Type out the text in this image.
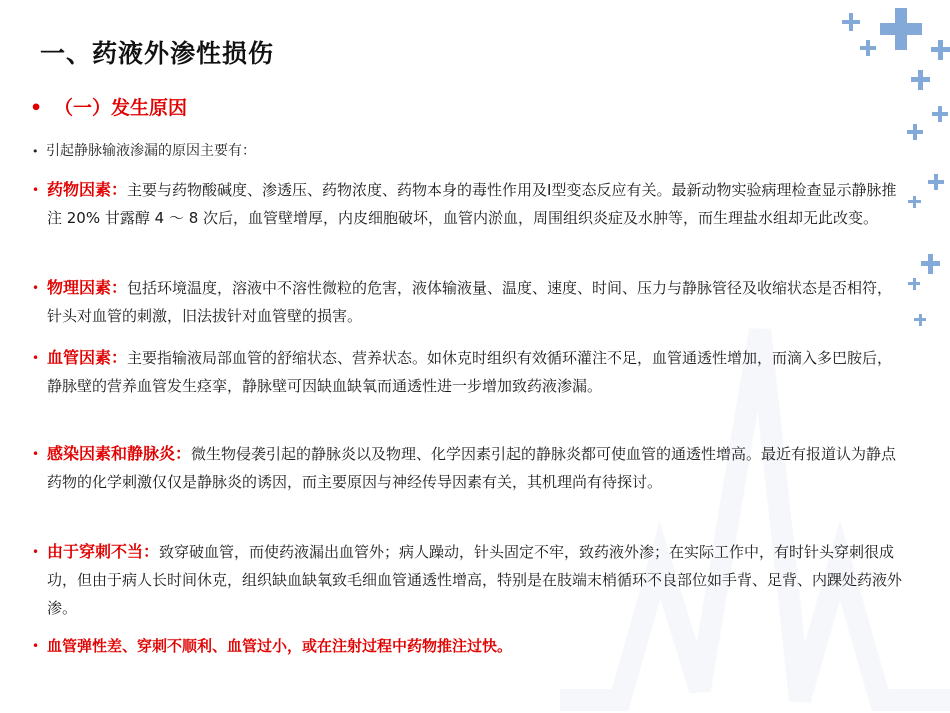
一、药液外渗性损伤
• （一）发生原因
• 引起静脉输液渗漏的原因主要有：
• 药物因素：主要与药物酸碱度、渗透压、药物浓度、药物本身的毒性作用及Ⅰ型变态反应有关。最新动物实验病理检查显示静脉推注 20% 甘露醇 4 ～ 8 次后，血管壁增厚，内皮细胞破坏，血管内淤血，周围组织炎症及水肿等，而生理盐水组却无此改变。
• 物理因素：包括环境温度，溶液中不溶性微粒的危害，液体输液量、温度、速度、时间、压力与静脉管径及收缩状态是否相符，针头对血管的刺激，旧法拔针对血管壁的损害。
• 血管因素：主要指输液局部血管的舒缩状态、营养状态。如休克时组织有效循环灌注不足，血管通透性增加，而滴入多巴胺后，静脉壁的营养血管发生痉挛，静脉壁可因缺血缺氧而通透性进一步增加致药液渗漏。
• 感染因素和静脉炎：微生物侵袭引起的静脉炎以及物理、化学因素引起的静脉炎都可使血管的通透性增高。最近有报道认为静点药物的化学刺激仅仅是静脉炎的诱因，而主要原因与神经传导因素有关，其机理尚有待探讨。
• 由于穿刺不当：致穿破血管，而使药液漏出血管外；病人躁动，针头固定不牢，致药液外渗；在实际工作中，有时针头穿刺很成功，但由于病人长时间休克，组织缺血缺氧致毛细血管通透性增高，特别是在肢端末梢循环不良部位如手背、足背、内踝处药液外渗。
• 血管弹性差、穿刺不顺利、血管过小，或在注射过程中药物推注过快。
